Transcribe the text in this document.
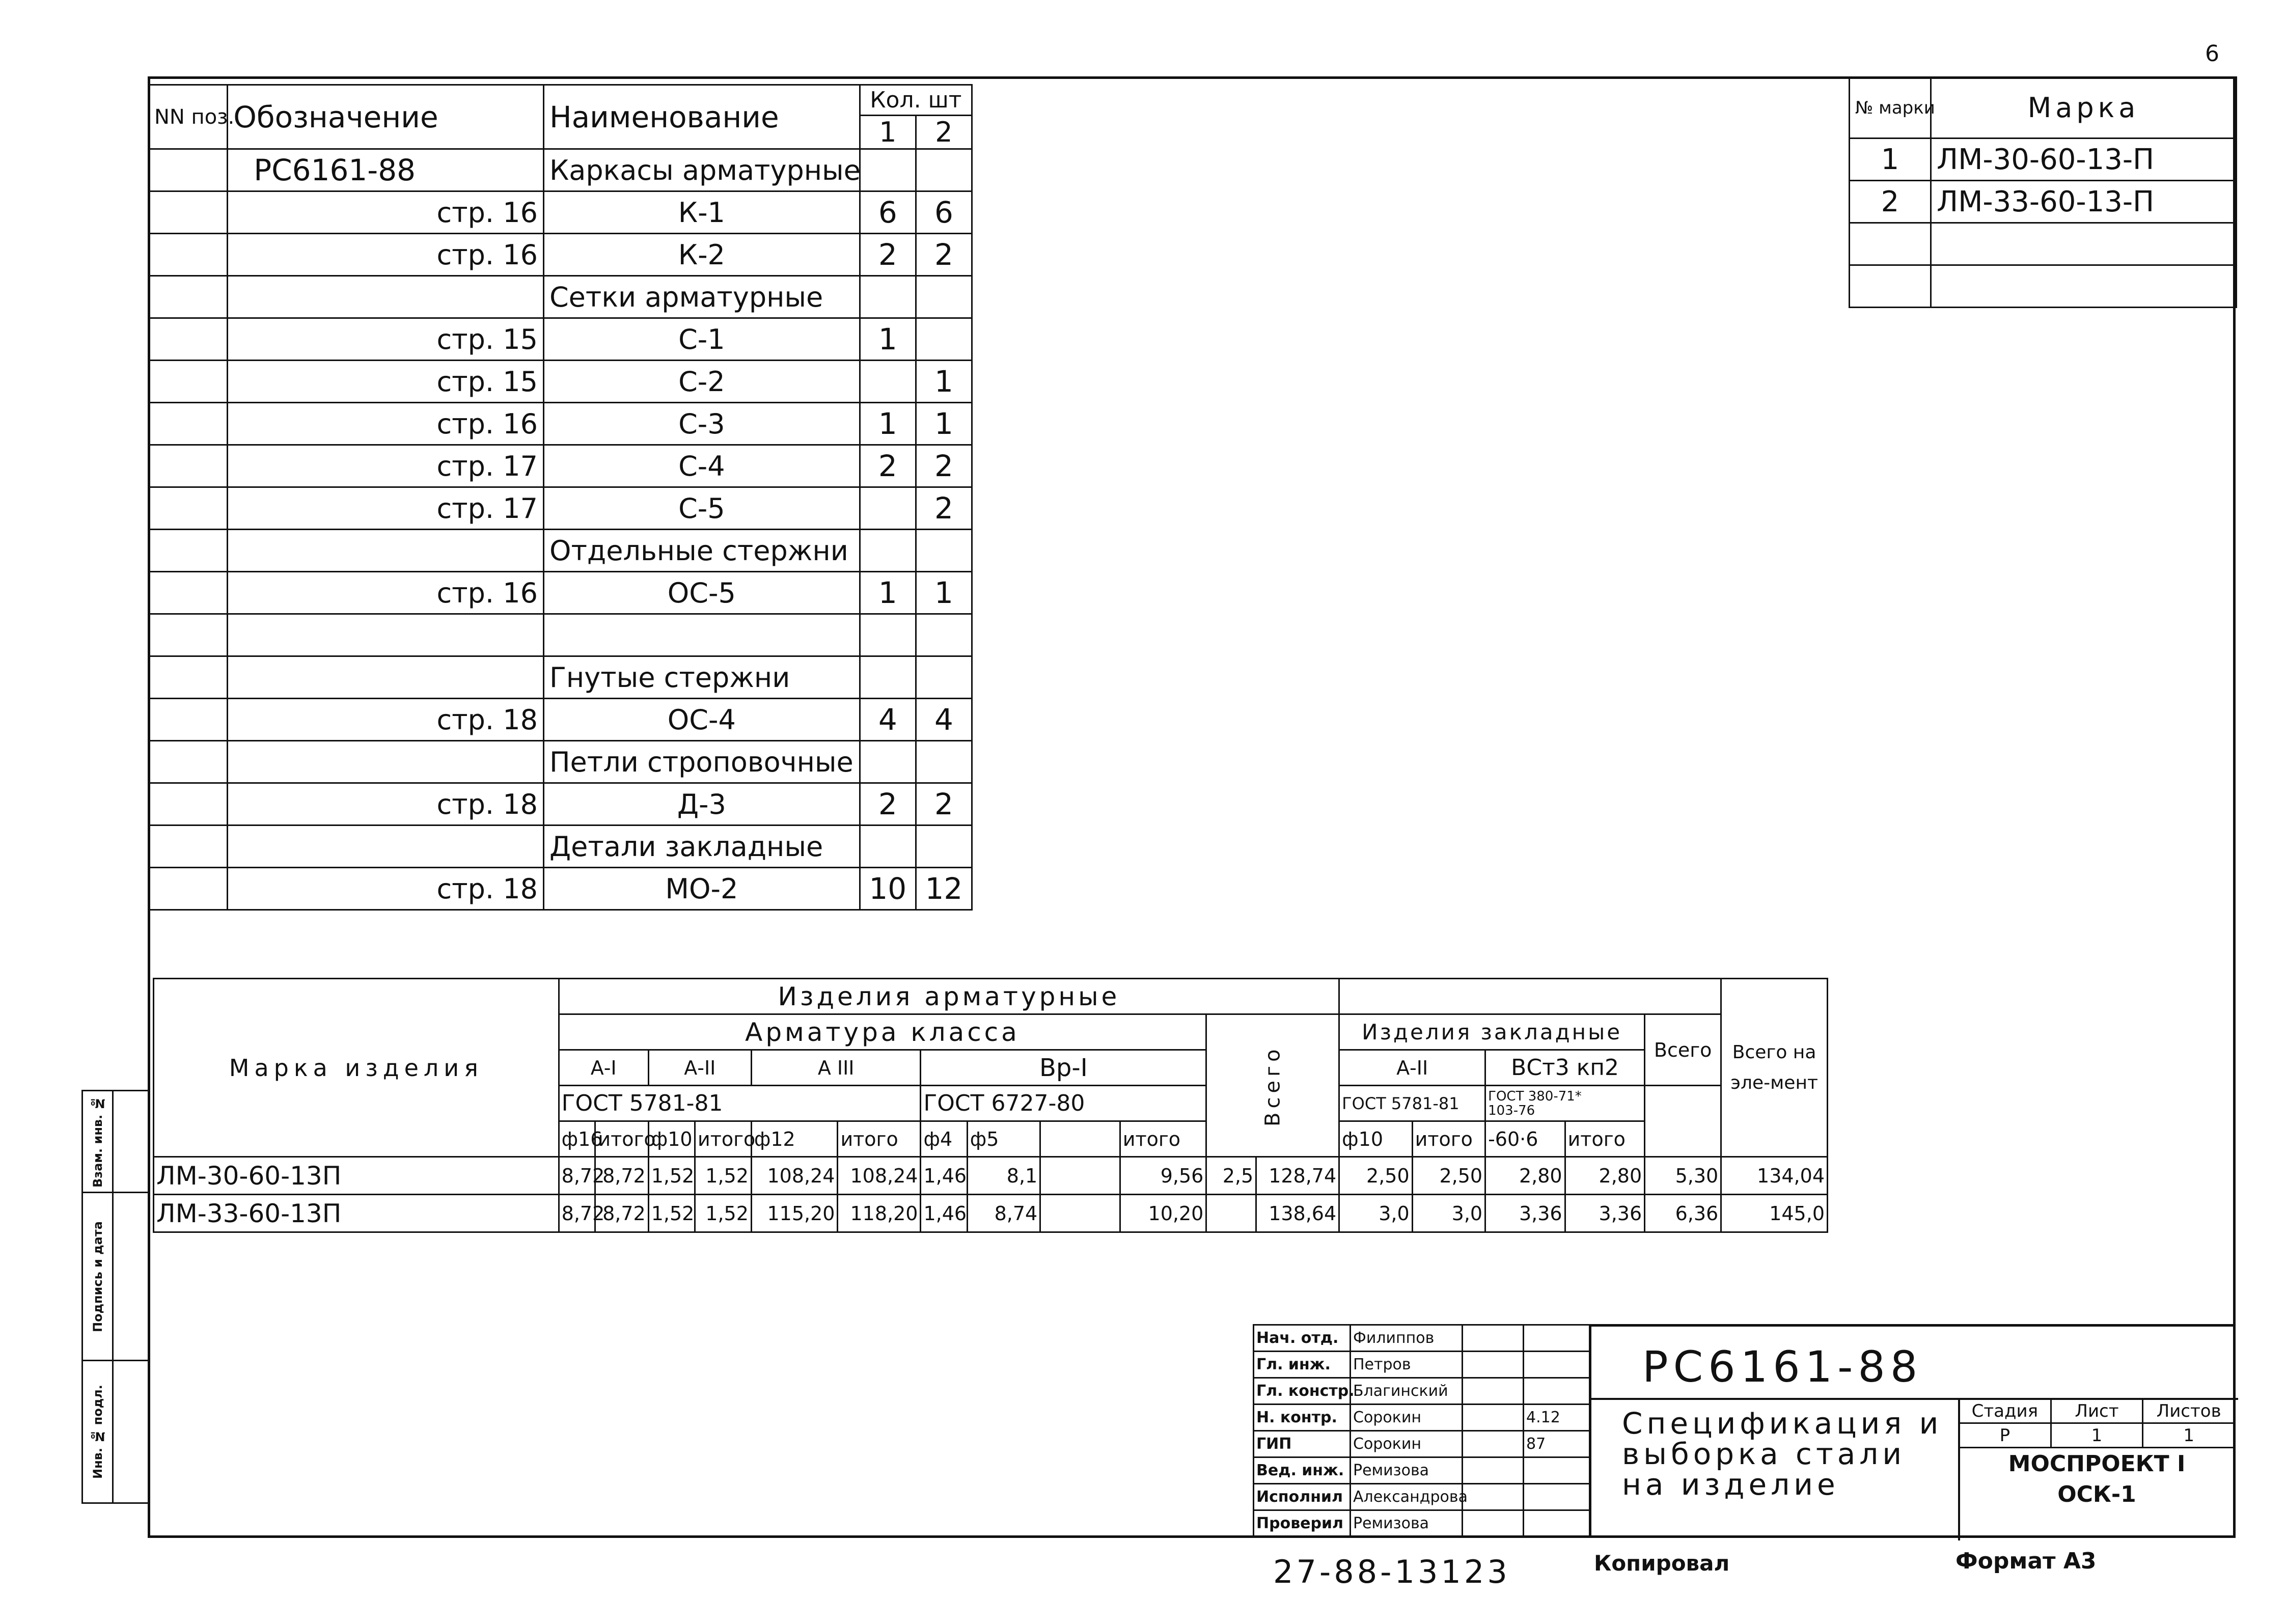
6
NN поз.	Обозначение	Наименование	Кол. шт	
			1	2
	РС6161-88	Каркасы арматурные		
	стр. 16	К-1	6	6
	стр. 16	К-2	2	2
		Сетки арматурные		
	стр. 15	С-1	1	
	стр. 15	С-2		1
	стр. 16	С-3	1	1
	стр. 17	С-4	2	2
	стр. 17	С-5		2
		Отдельные стержни		
	стр. 16	ОС-5	1	1

		Гнутые стержни		
	стр. 18	ОС-4	4	4
		Петли строповочные		
	стр. 18	Д-3	2	2
		Детали закладные		
	стр. 18	МО-2	10	12
№ марки	Марка
1	ЛМ-30-60-13-П
2	ЛМ-33-60-13-П

Марка изделия	Изделия арматурные																	Всего на эле-мент
	Арматура класса										Всего		Изделия закладные				Всего	
	А-I		А-II		А III		Вр-I						А-II		ВСт3 кп2			
	ГОСТ 5781-81						ГОСТ 6727-80						ГОСТ 5781-81		ГОСТ 380-71*
103-76			
	ф16	итого	ф10	итого	ф12	итого	ф4	ф5		итого			ф10	итого	-60·6	итого		
ЛМ-30-60-13П	8,72	8,72	1,52	1,52	108,24	108,24	1,46	8,1		9,56	2,5	128,74	2,50	2,50	2,80	2,80	5,30	134,04
ЛМ-33-60-13П	8,72	8,72	1,52	1,52	115,20	118,20	1,46	8,74		10,20		138,64	3,0	3,0	3,36	3,36	6,36	145,0
Нач. отд.	Филиппов		
Гл. инж.	Петров		
Гл. констр.	Благинский		
Н. контр.	Сорокин		4.12
ГИП	Сорокин		87
Вед. инж.	Ремизова		
Исполнил	Александрова		
Проверил	Ремизова		
РС6161-88
Спецификация и выборка стали на изделие
Стадия	Лист	Листов
Р	1	1
МОСПРОЕКТ I
ОСК-1
27-88-13123	Копировал	Формат А3
Взам. инв. №	
Подпись и дата	
Инв. № подл.	
